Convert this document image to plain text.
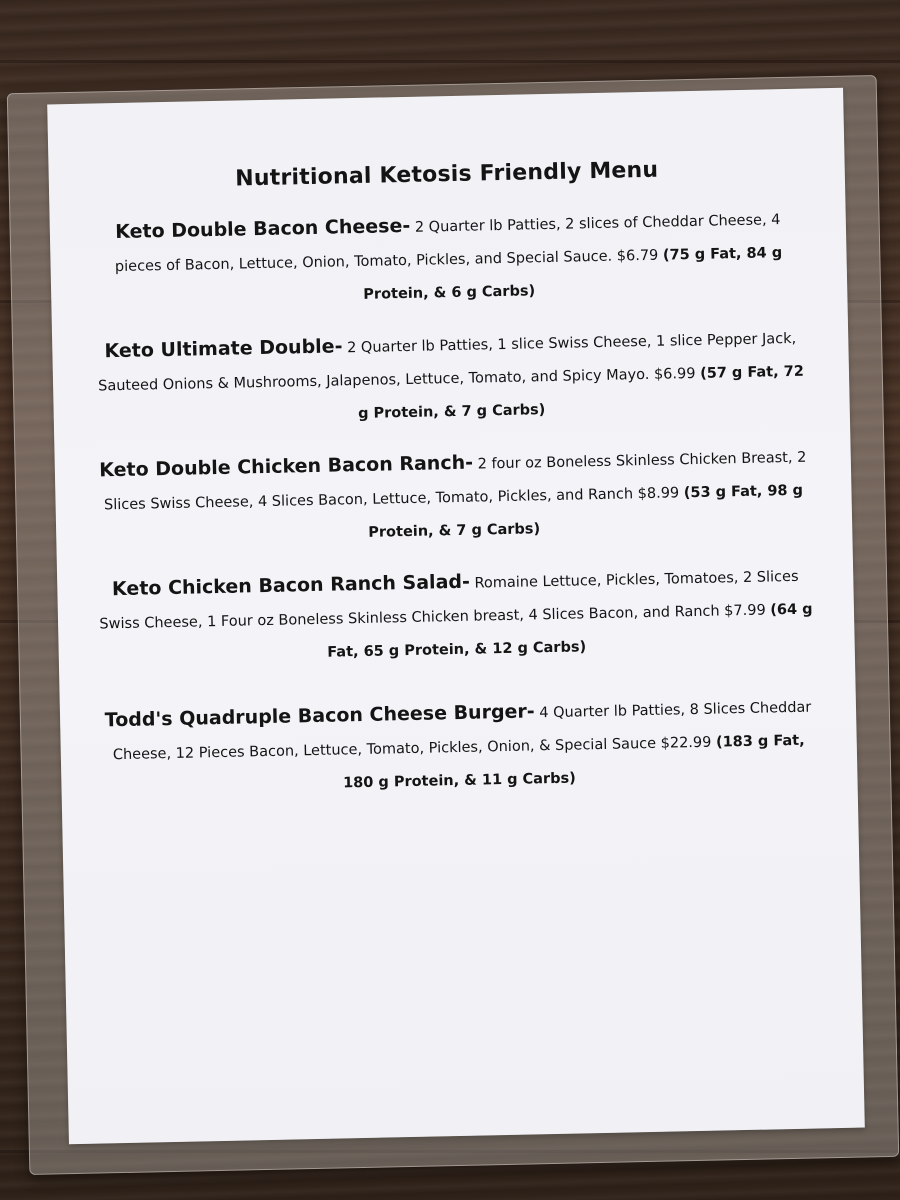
Nutritional Ketosis Friendly Menu

Keto Double Bacon Cheese- 2 Quarter lb Patties, 2 slices of Cheddar Cheese, 4 pieces of Bacon, Lettuce, Onion, Tomato, Pickles, and Special Sauce. $6.79 (75 g Fat, 84 g Protein, & 6 g Carbs)

Keto Ultimate Double- 2 Quarter lb Patties, 1 slice Swiss Cheese, 1 slice Pepper Jack, Sauteed Onions & Mushrooms, Jalapenos, Lettuce, Tomato, and Spicy Mayo. $6.99 (57 g Fat, 72 g Protein, & 7 g Carbs)

Keto Double Chicken Bacon Ranch- 2 four oz Boneless Skinless Chicken Breast, 2 Slices Swiss Cheese, 4 Slices Bacon, Lettuce, Tomato, Pickles, and Ranch $8.99 (53 g Fat, 98 g Protein, & 7 g Carbs)

Keto Chicken Bacon Ranch Salad- Romaine Lettuce, Pickles, Tomatoes, 2 Slices Swiss Cheese, 1 Four oz Boneless Skinless Chicken breast, 4 Slices Bacon, and Ranch $7.99 (64 g Fat, 65 g Protein, & 12 g Carbs)

Todd's Quadruple Bacon Cheese Burger- 4 Quarter lb Patties, 8 Slices Cheddar Cheese, 12 Pieces Bacon, Lettuce, Tomato, Pickles, Onion, & Special Sauce $22.99 (183 g Fat, 180 g Protein, & 11 g Carbs)
